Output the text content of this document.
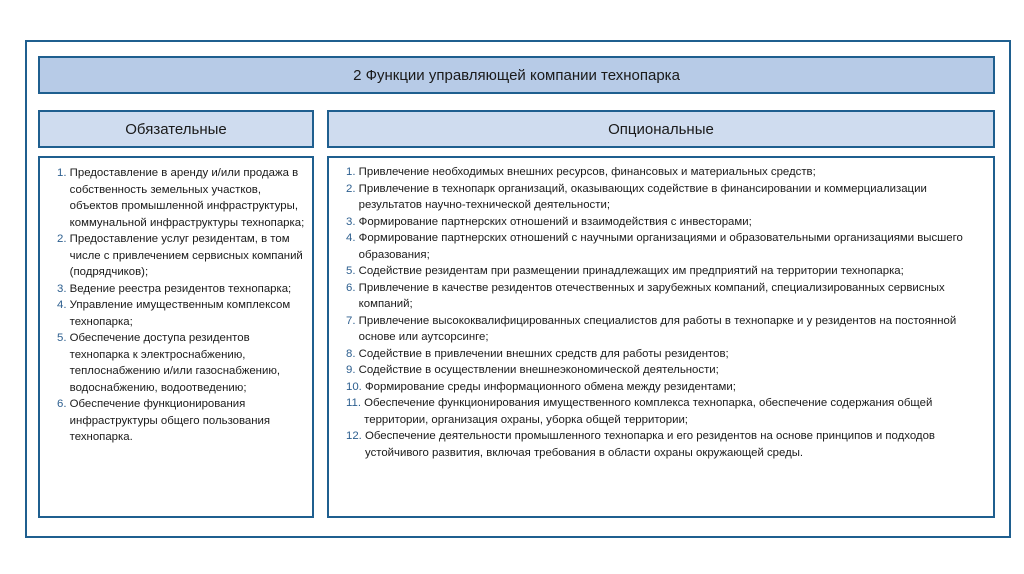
2 Функции управляющей компании технопарка
Обязательные	Опциональные
1. Предоставление в аренду и/или продажа в собственность земельных участков, объектов промышленной инфраструктуры, коммунальной инфраструктуры технопарка;
2. Предоставление услуг резидентам, в том числе с привлечением сервисных компаний (подрядчиков);
3. Ведение реестра резидентов технопарка;
4. Управление имущественным комплексом технопарка;
5. Обеспечение доступа резидентов технопарка к электроснабжению, теплоснабжению и/или газоснабжению, водоснабжению, водоотведению;
6. Обеспечение функционирования инфраструктуры общего пользования технопарка.
1. Привлечение необходимых внешних ресурсов, финансовых и материальных средств;
2. Привлечение в технопарк организаций, оказывающих содействие в финансировании и коммерциализации результатов научно-технической деятельности;
3. Формирование партнерских отношений и взаимодействия с инвесторами;
4. Формирование партнерских отношений с научными организациями и образовательными организациями высшего образования;
5. Содействие резидентам при размещении принадлежащих им предприятий на территории технопарка;
6. Привлечение в качестве резидентов отечественных и зарубежных компаний, специализированных сервисных компаний;
7. Привлечение высококвалифицированных специалистов для работы в технопарке и у резидентов на постоянной основе или аутсорсинге;
8. Содействие в привлечении внешних средств для работы резидентов;
9. Содействие в осуществлении внешнеэкономической деятельности;
10. Формирование среды информационного обмена между резидентами;
11. Обеспечение функционирования имущественного комплекса технопарка, обеспечение содержания общей территории, организация охраны, уборка общей территории;
12. Обеспечение деятельности промышленного технопарка и его резидентов на основе принципов и подходов устойчивого развития, включая требования в области охраны окружающей среды.
